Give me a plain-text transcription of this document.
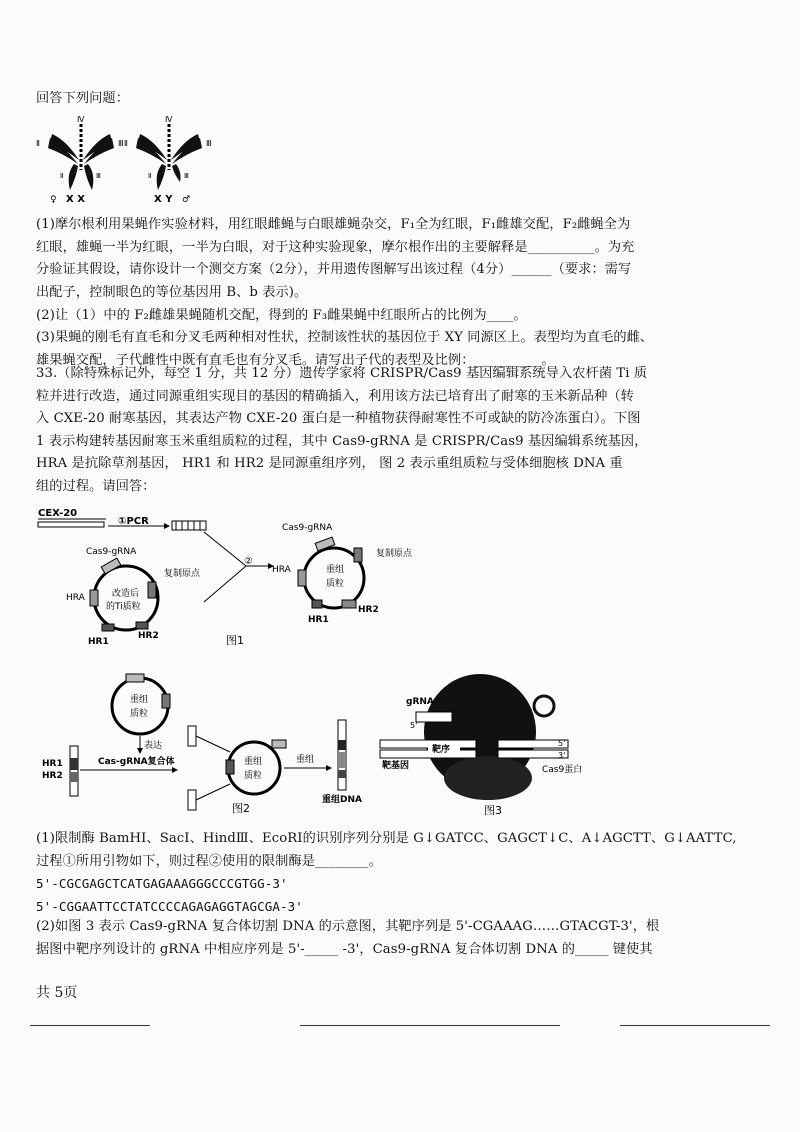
回答下列问题：
Ⅳ
Ⅱ	Ⅲ
Ⅱ	Ⅲ
♀ X X
Ⅳ
Ⅱ	Ⅲ
Ⅱ	Ⅲ
X Y ♂
(1)摩尔根利用果蝇作实验材料，用红眼雌蝇与白眼雄蝇杂交，F₁全为红眼，F₁雌雄交配，F₂雌蝇全为
红眼，雄蝇一半为红眼，一半为白眼，对于这种实验现象，摩尔根作出的主要解释是__________。为充
分验证其假设，请你设计一个测交方案（2分），并用遗传图解写出该过程（4分）______（要求：需写
出配子，控制眼色的等位基因用 B、b 表示)。
(2)让（1）中的 F₂雌雄果蝇随机交配，得到的 F₃雌果蝇中红眼所占的比例为____。
(3)果蝇的刚毛有直毛和分叉毛两种相对性状，控制该性状的基因位于 XY 同源区上。表型均为直毛的雌、
雄果蝇交配，子代雌性中既有直毛也有分叉毛。请写出子代的表型及比例：__________。
33.（除特殊标记外，每空 1 分，共 12 分）遗传学家将 CRISPR/Cas9 基因编辑系统导入农杆菌 Ti 质
粒并进行改造，通过同源重组实现目的基因的精确插入，利用该方法已培育出了耐寒的玉米新品种（转
入 CXE-20 耐寒基因，其表达产物 CXE-20 蛋白是一种植物获得耐寒性不可或缺的防冷冻蛋白）。下图
1 表示构建转基因耐寒玉米重组质粒的过程，其中 Cas9-gRNA 是 CRISPR/Cas9 基因编辑系统基因，
HRA 是抗除草剂基因， HR1 和 HR2 是同源重组序列， 图 2 表示重组质粒与受体细胞核 DNA 重
组的过程。请回答：
CEX-20
①PCR
②
Cas9-gRNA
改造后
的Ti质粒
复制原点
HRA
HR1
HR2
Cas9-gRNA
重组
质粒
复制原点
HRA
HR1
HR2
图1
重组
质粒
表达
Cas-gRNA复合体
HR1
HR2
重组
质粒
重组
重组DNA
图2
gRNA
5'
靶序
靶基因
5'
3'
Cas9蛋白
图3
(1)限制酶 BamHI、SacI、HindⅢ、EcoRI的识别序列分别是 G↓GATCC、GAGCT↓C、A↓AGCTT、G↓AATTC,
过程①所用引物如下，则过程②使用的限制酶是________。
5'-CGCGAGCTCATGAGAAAGGGCCCGTGG-3'
5'-CGGAATTCCTATCCCCAGAGAGGTAGCGA-3'
(2)如图 3 表示 Cas9-gRNA 复合体切割 DNA 的示意图，其靶序列是 5'-CGAAAG……GTACGT-3'，根
据图中靶序列设计的 gRNA 中相应序列是 5'-_____ -3'，Cas9-gRNA 复合体切割 DNA 的_____ 键使其
共 5页
